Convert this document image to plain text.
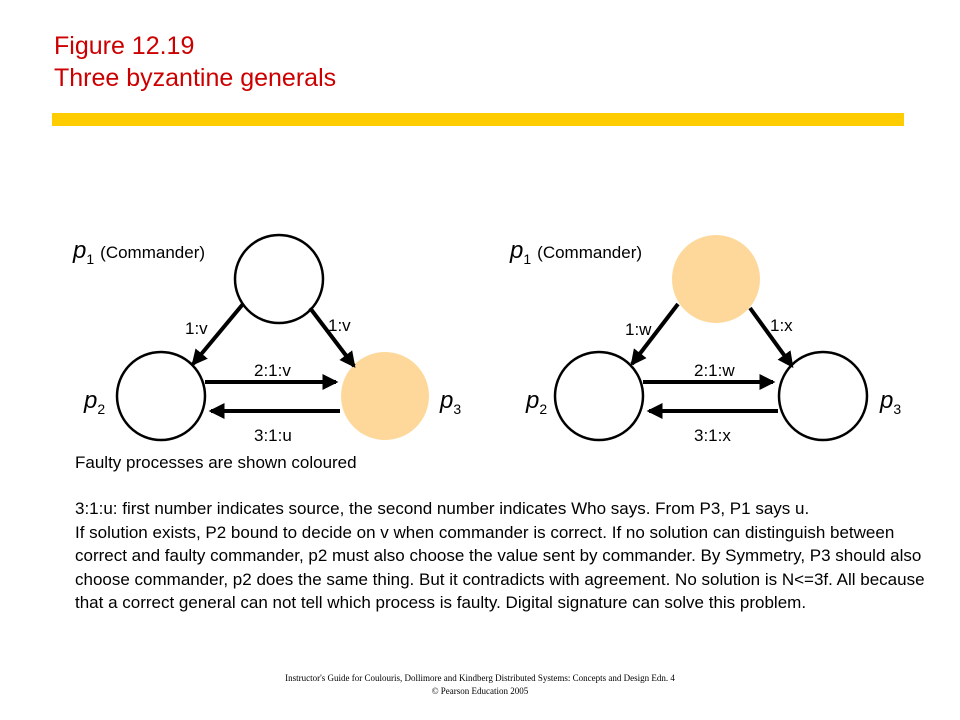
Figure 12.19
Three byzantine generals
p1 (Commander)
p2	p3
1:v	1:v
2:1:v
3:1:u
p1 (Commander)
p2	p3
1:w	1:x
2:1:w
3:1:x
Faulty processes are shown coloured
3:1:u: first number indicates source, the second number indicates Who says. From P3, P1 says u.
If solution exists, P2 bound to decide on v when commander is correct. If no solution can distinguish between correct and faulty commander, p2 must also choose the value sent by commander. By Symmetry, P3 should also choose commander, p2 does the same thing. But it contradicts with agreement. No solution is N<=3f. All because that a correct general can not tell which process is faulty. Digital signature can solve this problem.
Instructor's Guide for Coulouris, Dollimore and Kindberg Distributed Systems: Concepts and Design Edn. 4
© Pearson Education 2005
